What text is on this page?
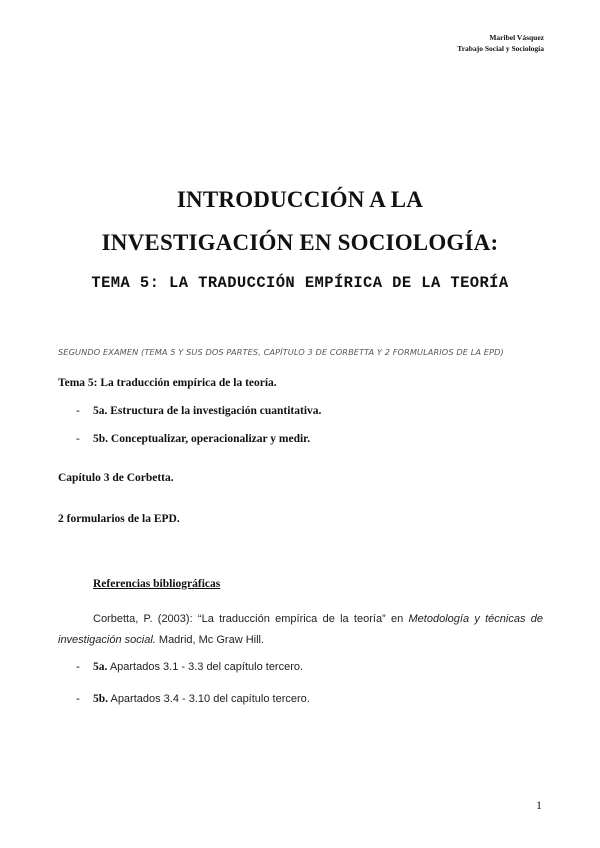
Maribel Vásquez
Trabajo Social y Sociología
INTRODUCCIÓN A LA
INVESTIGACIÓN EN SOCIOLOGÍA:
TEMA 5: LA TRADUCCIÓN EMPÍRICA DE LA TEORÍA
SEGUNDO EXAMEN (TEMA 5 Y SUS DOS PARTES, CAPÍTULO 3 DE CORBETTA Y 2 FORMULARIOS DE LA EPD)
Tema 5: La traducción empírica de la teoría.
- 5a. Estructura de la investigación cuantitativa.
- 5b. Conceptualizar, operacionalizar y medir.
Capítulo 3 de Corbetta.
2 formularios de la EPD.
Referencias bibliográficas
Corbetta, P. (2003): “La traducción empírica de la teoría” en Metodología y técnicas de investigación social. Madrid, Mc Graw Hill.
- 5a. Apartados 3.1 - 3.3 del capítulo tercero.
- 5b. Apartados 3.4 - 3.10 del capítulo tercero.
1
